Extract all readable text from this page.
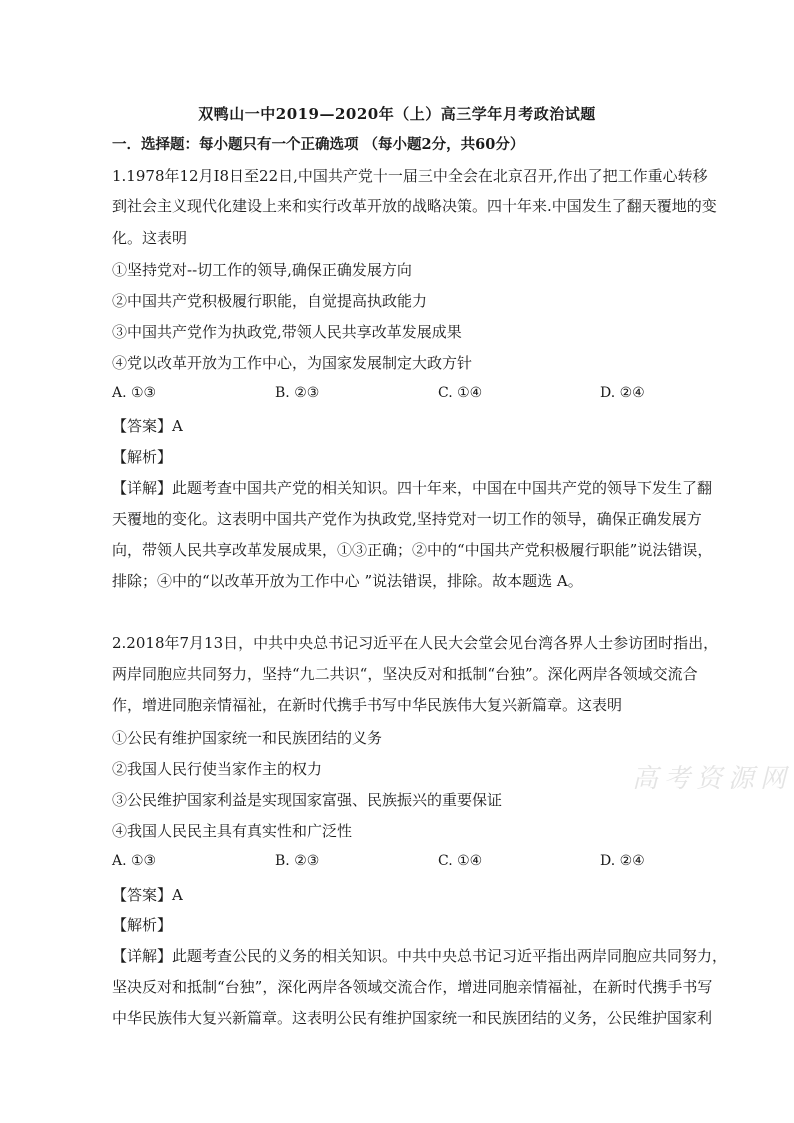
高考资源网
双鸭山一中2019—2020年（上）高三学年月考政治试题
一．选择题：每小题只有一个正确选项 （每小题2分，共60分）
1.1978年12月I8日至22日,中国共产党十一届三中全会在北京召开,作出了把工作重心转移
到社会主义现代化建设上来和实行改革开放的战略决策。四十年来.中国发生了翻天覆地的变
化。这表明
①坚持党对--切工作的领导,确保正确发展方向
②中国共产党积极履行职能，自觉提高执政能力
③中国共产党作为执政党,带领人民共享改革发展成果
④党以改革开放为工作中心，为国家发展制定大政方针
A. ①③	B. ②③	C. ①④	D. ②④
【答案】A
【解析】
【详解】此题考查中国共产党的相关知识。四十年来，中国在中国共产党的领导下发生了翻
天覆地的变化。这表明中国共产党作为执政党,坚持党对一切工作的领导，确保正确发展方
向，带领人民共享改革发展成果，①③正确；②中的“中国共产党积极履行职能”说法错误，
排除；④中的“以改革开放为工作中心 ”说法错误，排除。故本题选 A。
2.2018年7月13日，中共中央总书记习近平在人民大会堂会见台湾各界人士参访团时指出，
两岸同胞应共同努力，坚持“九二共识“，坚决反对和抵制“台独”。深化两岸各领域交流合
作，增进同胞亲情福祉，在新时代携手书写中华民族伟大复兴新篇章。这表明
①公民有维护国家统一和民族团结的义务
②我国人民行使当家作主的权力
③公民维护国家利益是实现国家富强、民族振兴的重要保证
④我国人民民主具有真实性和广泛性
A. ①③	B. ②③	C. ①④	D. ②④
【答案】A
【解析】
【详解】此题考查公民的义务的相关知识。中共中央总书记习近平指出两岸同胞应共同努力，
坚决反对和抵制“台独”，深化两岸各领域交流合作，增进同胞亲情福祉，在新时代携手书写
中华民族伟大复兴新篇章。这表明公民有维护国家统一和民族团结的义务，公民维护国家利
